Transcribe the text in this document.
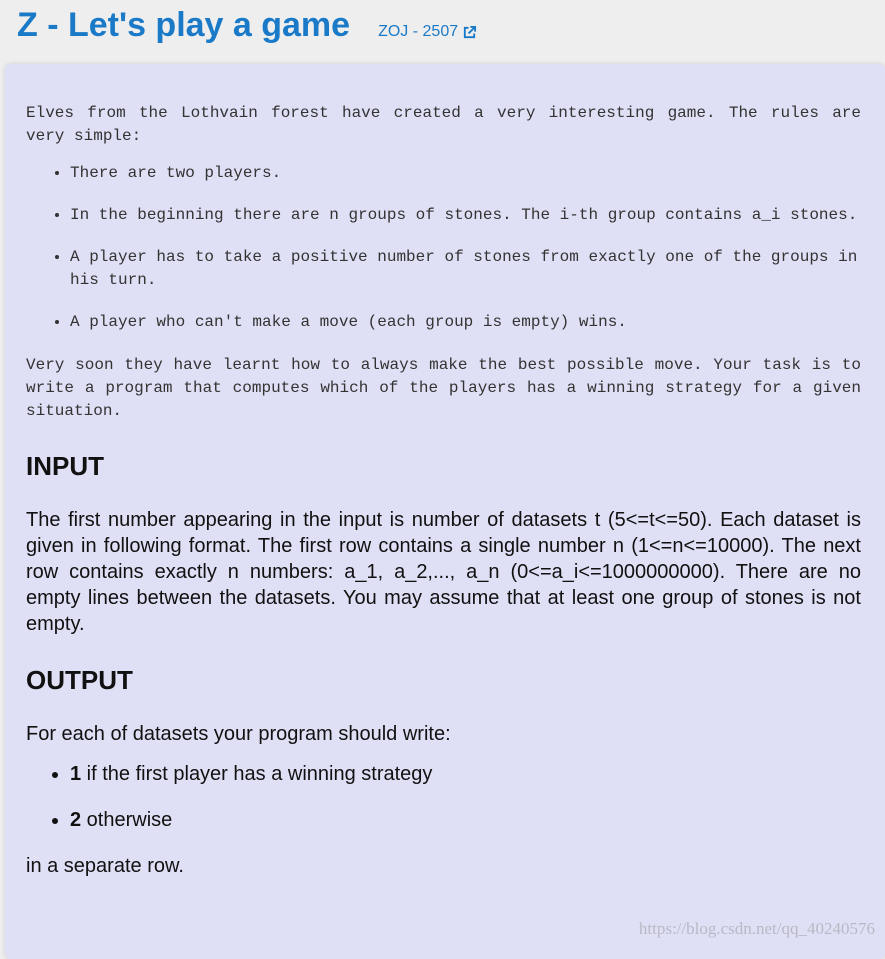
Z - Let's play a game ZOJ - 2507

Elves from the Lothvain forest have created a very interesting game. The rules are very simple:

• There are two players.
• In the beginning there are n groups of stones. The i-th group contains a_i stones.
• A player has to take a positive number of stones from exactly one of the groups in his turn.
• A player who can't make a move (each group is empty) wins.

Very soon they have learnt how to always make the best possible move. Your task is to write a program that computes which of the players has a winning strategy for a given situation.

INPUT

The first number appearing in the input is number of datasets t (5<=t<=50). Each dataset is given in following format. The first row contains a single number n (1<=n<=10000). The next row contains exactly n numbers: a_1, a_2,..., a_n (0<=a_i<=1000000000). There are no empty lines between the datasets. You may assume that at least one group of stones is not empty.

OUTPUT

For each of datasets your program should write:

• 1 if the first player has a winning strategy
• 2 otherwise

in a separate row.

https://blog.csdn.net/qq_40240576
